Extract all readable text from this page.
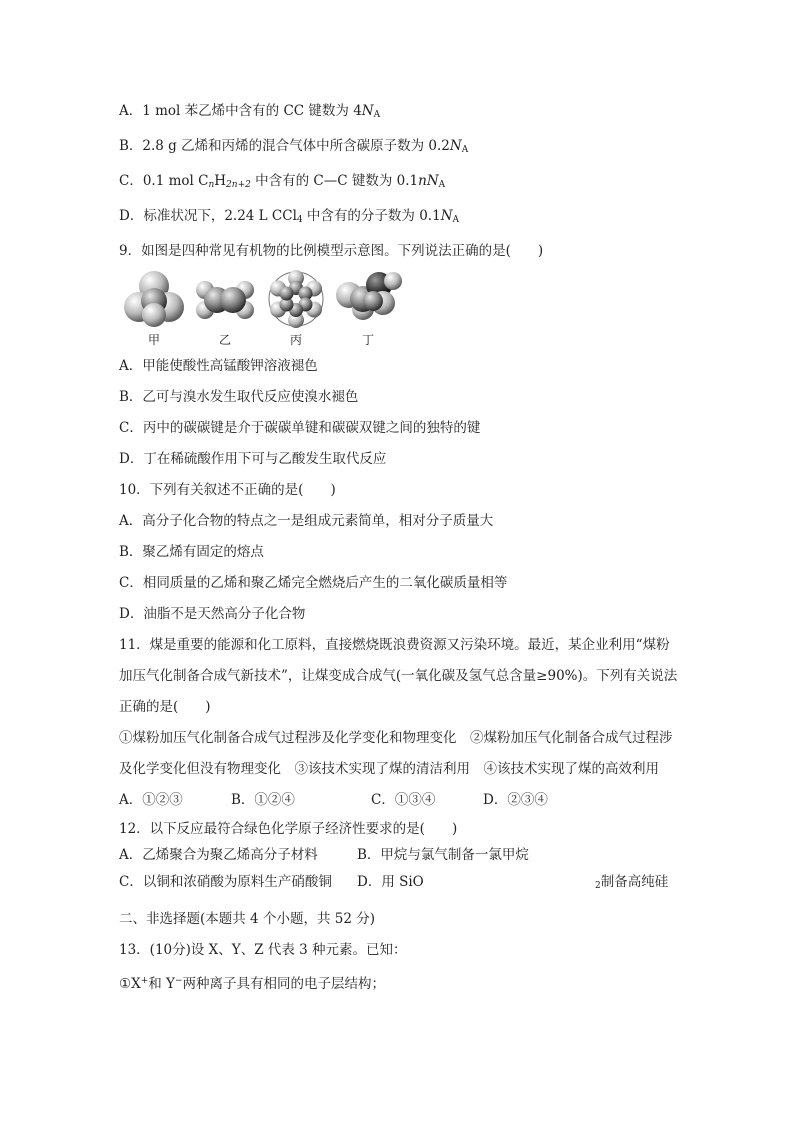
A．1 mol 苯乙烯中含有的 CC 键数为 $4N_A$
B．2.8 g 乙烯和丙烯的混合气体中所含碳原子数为 $0.2N_A$
C．0.1 mol $C_nH_{2n+2}$ 中含有的 C—C 键数为 $0.1nN_A$
D．标准状况下，2.24 L CCl$_4$ 中含有的分子数为 $0.1N_A$
9．如图是四种常见有机物的比例模型示意图。下列说法正确的是(　　)
甲	乙	丙	丁
A．甲能使酸性高锰酸钾溶液褪色
B．乙可与溴水发生取代反应使溴水褪色
C．丙中的碳碳键是介于碳碳单键和碳碳双键之间的独特的键
D．丁在稀硫酸作用下可与乙酸发生取代反应
10．下列有关叙述不正确的是(　　)
A．高分子化合物的特点之一是组成元素简单，相对分子质量大
B．聚乙烯有固定的熔点
C．相同质量的乙烯和聚乙烯完全燃烧后产生的二氧化碳质量相等
D．油脂不是天然高分子化合物
11．煤是重要的能源和化工原料，直接燃烧既浪费资源又污染环境。最近，某企业利用“煤粉加压气化制备合成气新技术”，让煤变成合成气(一氧化碳及氢气总含量≥90%)。下列有关说法正确的是(　　)
①煤粉加压气化制备合成气过程涉及化学变化和物理变化　②煤粉加压气化制备合成气过程涉及化学变化但没有物理变化　③该技术实现了煤的清洁利用　④该技术实现了煤的高效利用
A．①②③	B．①②④	C．①③④	D．②③④
12．以下反应最符合绿色化学原子经济性要求的是(　　)
A．乙烯聚合为聚乙烯高分子材料	B．甲烷与氯气制备一氯甲烷
C．以铜和浓硝酸为原料生产硝酸铜 D．用 SiO	$_2$制备高纯硅
二、非选择题(本题共 4 个小题，共 52 分)
13．(10分)设 X、Y、Z 代表 3 种元素。已知：
①X+和 Y−两种离子具有相同的电子层结构；
